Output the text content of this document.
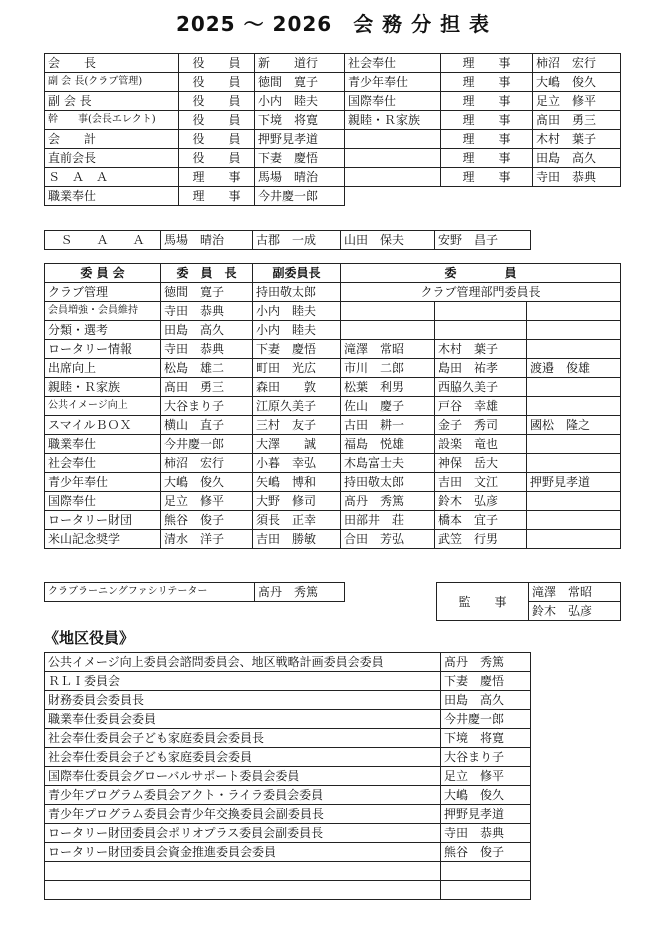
2025 ～ 2026　会 務 分 担 表
会　　長	役　　員	新　　道行
副 会 長(クラブ管理)	役　　員	徳間　寛子
副 会 長	役　　員	小内　睦夫
幹　　事(会長エレクト)	役　　員	下境　将寛
会　　計	役　　員	押野見孝道
直前会長	役　　員	下妻　慶悟
Ｓ　Ａ　Ａ	理　　事	馬場　晴治
職業奉仕	理　　事	今井慶一郎
社会奉仕	理　　事	柿沼　宏行
青少年奉仕	理　　事	大嶋　俊久
国際奉仕	理　　事	足立　修平
親睦・Ｒ家族	理　　事	髙田　勇三
	理　　事	木村　葉子
	理　　事	田島　高久
	理　　事	寺田　恭典
Ｓ　　Ａ　　Ａ	馬場　晴治	古郡　一成	山田　保夫	安野　昌子
委 員 会	委　員　長	副委員長	委　　　　員		
クラブ管理	徳間　寛子	持田敬太郎	クラブ管理部門委員長		
会員増強・会員維持	寺田　恭典	小内　睦夫			
分類・選考	田島　高久	小内　睦夫			
ロータリー情報	寺田　恭典	下妻　慶悟	滝澤　常昭	木村　葉子	
出席向上	松島　雄二	町田　光広	市川　二郎	島田　祐孝	渡邉　俊雄
親睦・Ｒ家族	髙田　勇三	森田　　敦	松葉　利男	西脇久美子	
公共イメージ向上	大谷まり子	江原久美子	佐山　慶子	戸谷　幸雄	
スマイルＢＯＸ	横山　直子	三村　友子	古田　耕一	金子　秀司	國松　隆之
職業奉仕	今井慶一郎	大澤　　誠	福島　悦雄	設楽　竜也	
社会奉仕	柿沼　宏行	小暮　幸弘	木島富士夫	神保　岳大	
青少年奉仕	大嶋　俊久	矢嶋　博和	持田敬太郎	吉田　文江	押野見孝道
国際奉仕	足立　修平	大野　修司	髙丹　秀篤	鈴木　弘彦	
ロータリー財団	熊谷　俊子	須長　正幸	田部井　荘	橋本　宜子	
米山記念奨学	清水　洋子	吉田　勝敏	合田　芳弘	武笠　行男	
クラブラーニングファシリテーター	髙丹　秀篤
監　　事	滝澤　常昭
鈴木　弘彦
《地区役員》
公共イメージ向上委員会諮問委員会、地区戦略計画委員会委員	髙丹　秀篤
ＲＬＩ委員会	下妻　慶悟
財務委員会委員長	田島　高久
職業奉仕委員会委員	今井慶一郎
社会奉仕委員会子ども家庭委員会委員長	下境　将寛
社会奉仕委員会子ども家庭委員会委員	大谷まり子
国際奉仕委員会グローバルサポート委員会委員	足立　修平
青少年プログラム委員会アクト・ライラ委員会委員	大嶋　俊久
青少年プログラム委員会青少年交換委員会副委員長	押野見孝道
ロータリー財団委員会ポリオプラス委員会副委員長	寺田　恭典
ロータリー財団委員会資金推進委員会委員	熊谷　俊子
